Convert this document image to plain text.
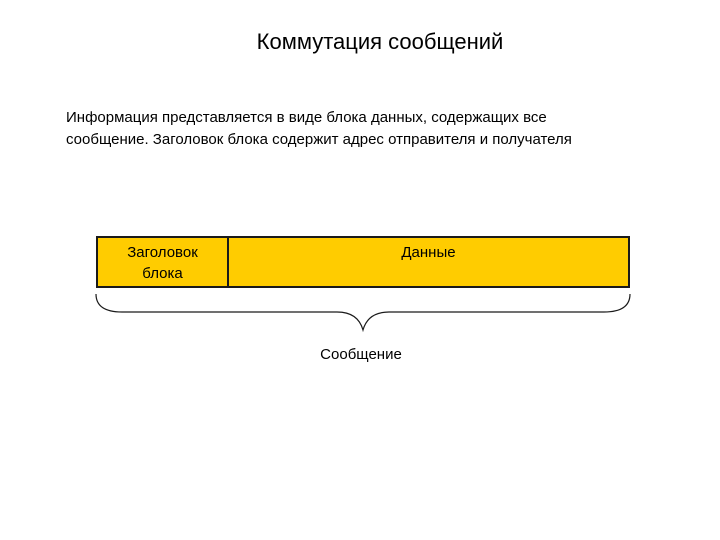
Коммутация сообщений
Информация представляется в виде блока данных, содержащих все
сообщение. Заголовок блока содержит адрес отправителя и получателя
Заголовок
блока
Данные
Сообщение
